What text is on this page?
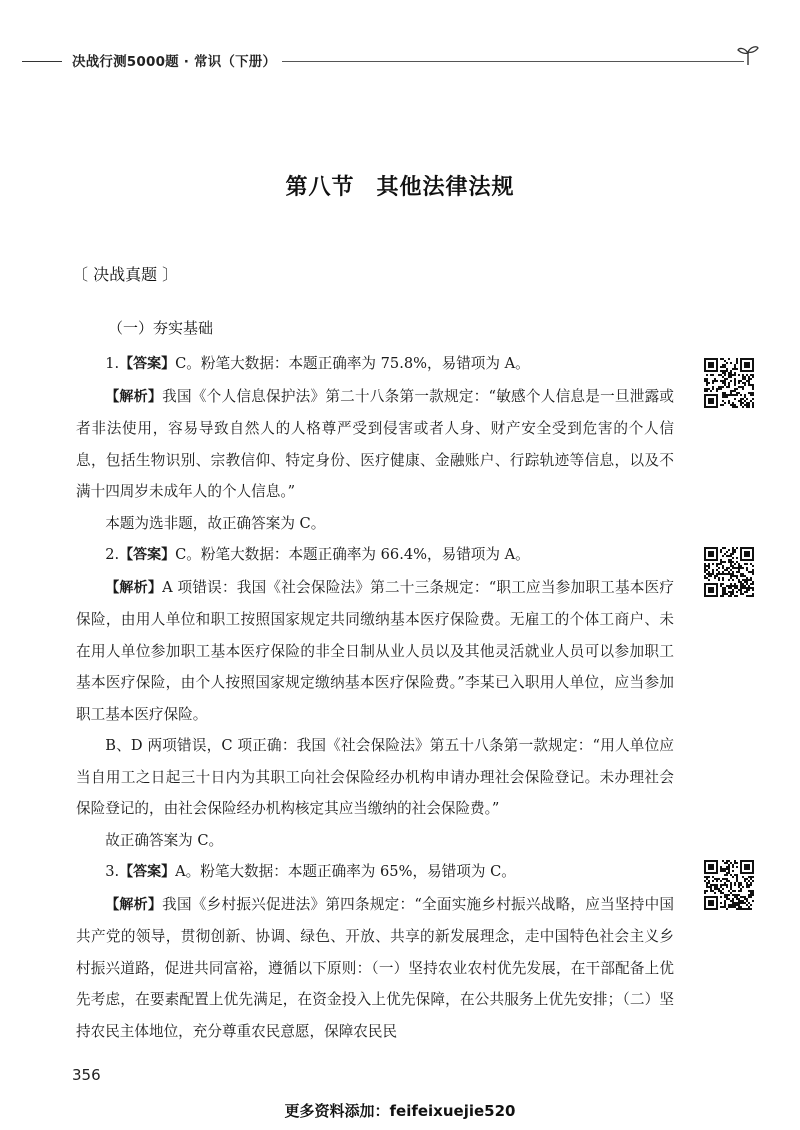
决战行测5000题 · 常识（下册）
第八节 其他法律法规
〔 决战真题 〕
（一）夯实基础

1.【答案】C。粉笔大数据：本题正确率为 75.8%，易错项为 A。

【解析】我国《个人信息保护法》第二十八条第一款规定：“敏感个人信息是一旦泄露或者非法使用，容易导致自然人的人格尊严受到侵害或者人身、财产安全受到危害的个人信息，包括生物识别、宗教信仰、特定身份、医疗健康、金融账户、行踪轨迹等信息，以及不满十四周岁未成年人的个人信息。”

本题为选非题，故正确答案为 C。

2.【答案】C。粉笔大数据：本题正确率为 66.4%，易错项为 A。

【解析】A 项错误：我国《社会保险法》第二十三条规定：“职工应当参加职工基本医疗保险，由用人单位和职工按照国家规定共同缴纳基本医疗保险费。无雇工的个体工商户、未在用人单位参加职工基本医疗保险的非全日制从业人员以及其他灵活就业人员可以参加职工基本医疗保险，由个人按照国家规定缴纳基本医疗保险费。”李某已入职用人单位，应当参加职工基本医疗保险。

B、D 两项错误，C 项正确：我国《社会保险法》第五十八条第一款规定：“用人单位应当自用工之日起三十日内为其职工向社会保险经办机构申请办理社会保险登记。未办理社会保险登记的，由社会保险经办机构核定其应当缴纳的社会保险费。”

故正确答案为 C。

3.【答案】A。粉笔大数据：本题正确率为 65%，易错项为 C。

【解析】我国《乡村振兴促进法》第四条规定：“全面实施乡村振兴战略，应当坚持中国共产党的领导，贯彻创新、协调、绿色、开放、共享的新发展理念，走中国特色社会主义乡村振兴道路，促进共同富裕，遵循以下原则：（一）坚持农业农村优先发展，在干部配备上优先考虑，在要素配置上优先满足，在资金投入上优先保障，在公共服务上优先安排；（二）坚持农民主体地位，充分尊重农民意愿，保障农民民

356
更多资料添加：feifeixuejie520
